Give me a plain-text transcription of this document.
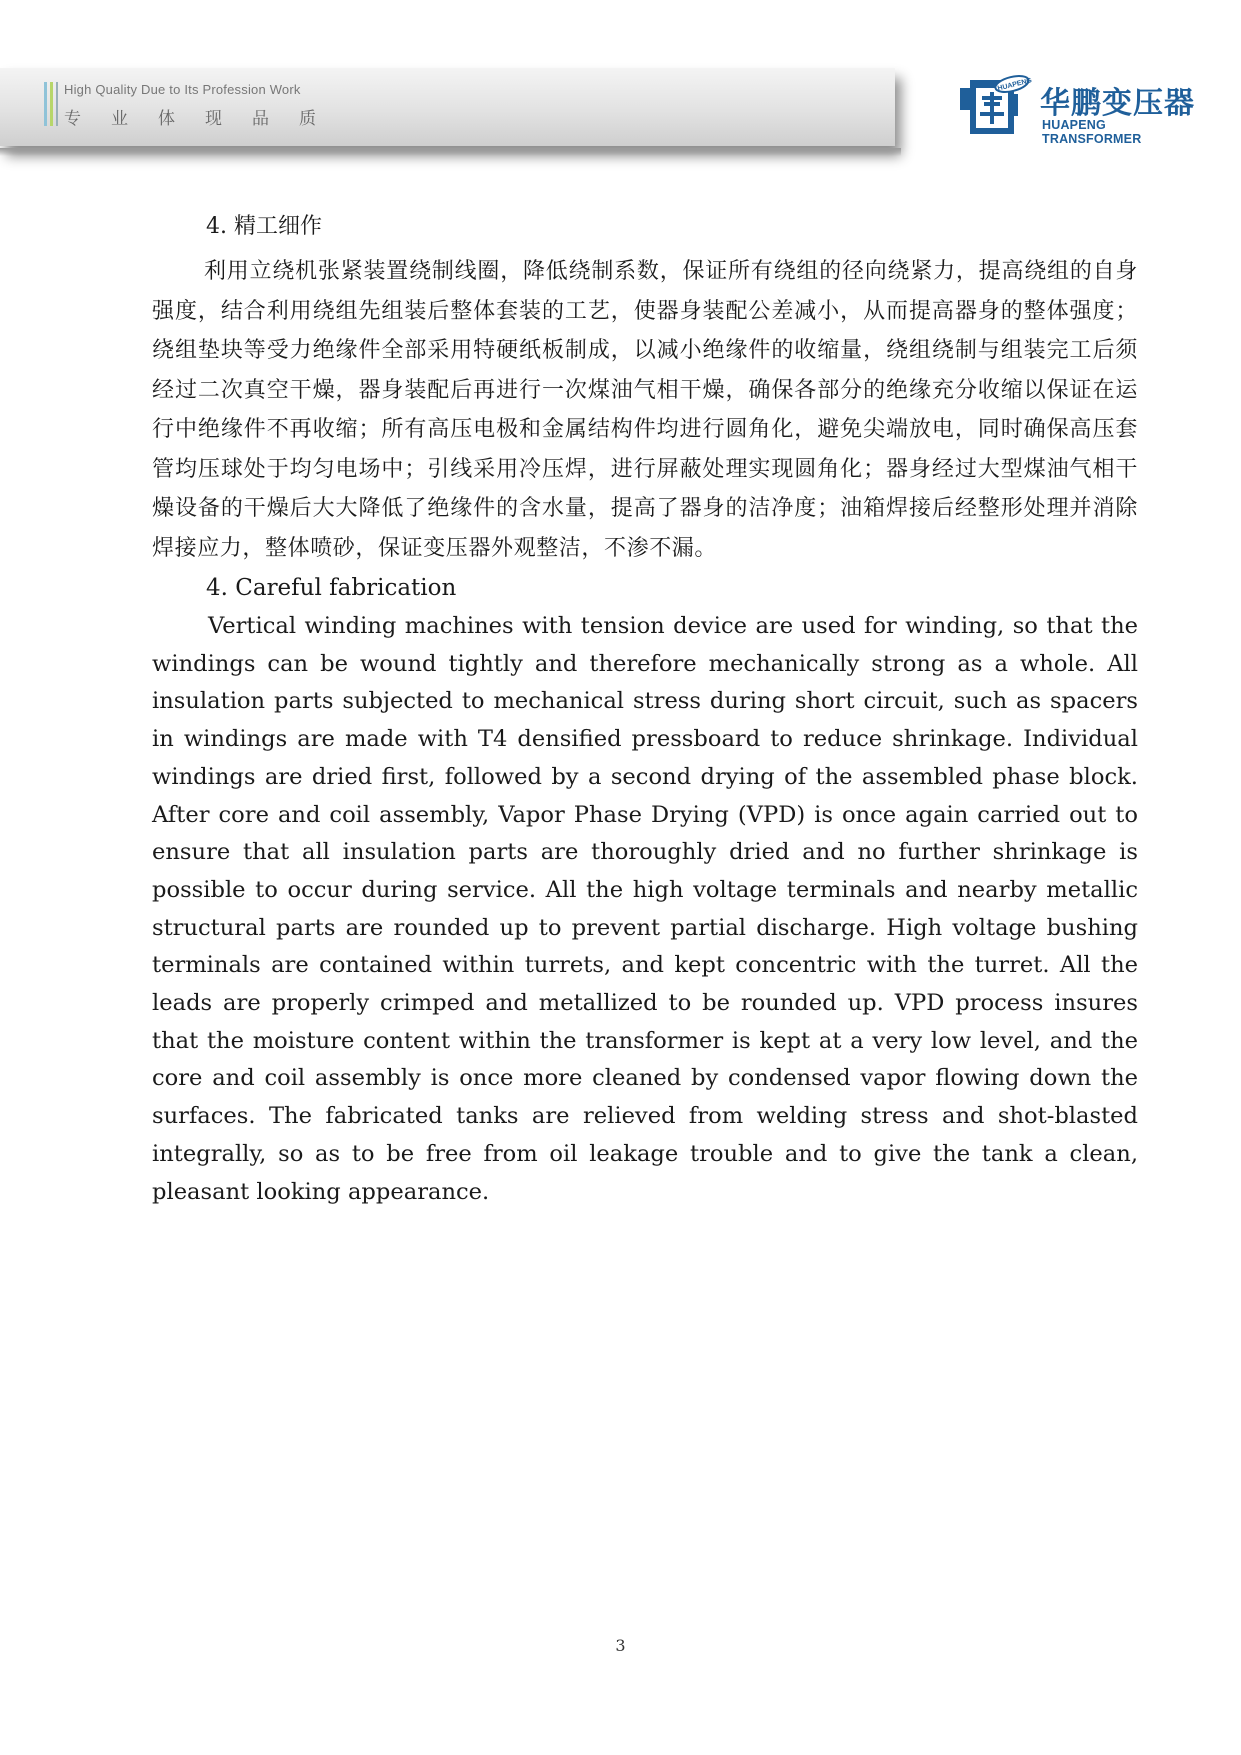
High Quality Due to Its Profession Work

专业体现品质

HUAPENG

华鹏变压器

HUAPENG TRANSFORMER

4. 精工细作

利用立绕机张紧装置绕制线圈，降低绕制系数，保证所有绕组的径向绕紧力，提高绕组的自身强度，结合利用绕组先组装后整体套装的工艺，使器身装配公差减小，从而提高器身的整体强度；绕组垫块等受力绝缘件全部采用特硬纸板制成，以减小绝缘件的收缩量，绕组绕制与组装完工后须经过二次真空干燥，器身装配后再进行一次煤油气相干燥，确保各部分的绝缘充分收缩以保证在运行中绝缘件不再收缩；所有高压电极和金属结构件均进行圆角化，避免尖端放电，同时确保高压套管均压球处于均匀电场中；引线采用冷压焊，进行屏蔽处理实现圆角化；器身经过大型煤油气相干燥设备的干燥后大大降低了绝缘件的含水量，提高了器身的洁净度；油箱焊接后经整形处理并消除焊接应力，整体喷砂，保证变压器外观整洁，不渗不漏。

4. Careful fabrication

Vertical winding machines with tension device are used for winding, so that the windings can be wound tightly and therefore mechanically strong as a whole. All insulation parts subjected to mechanical stress during short circuit, such as spacers in windings are made with T4 densified pressboard to reduce shrinkage. Individual windings are dried first, followed by a second drying of the assembled phase block. After core and coil assembly, Vapor Phase Drying (VPD) is once again carried out to ensure that all insulation parts are thoroughly dried and no further shrinkage is possible to occur during service. All the high voltage terminals and nearby metallic structural parts are rounded up to prevent partial discharge. High voltage bushing terminals are contained within turrets, and kept concentric with the turret. All the leads are properly crimped and metallized to be rounded up. VPD process insures that the moisture content within the transformer is kept at a very low level, and the core and coil assembly is once more cleaned by condensed vapor flowing down the surfaces. The fabricated tanks are relieved from welding stress and shot-blasted integrally, so as to be free from oil leakage trouble and to give the tank a clean, pleasant looking appearance.

3
